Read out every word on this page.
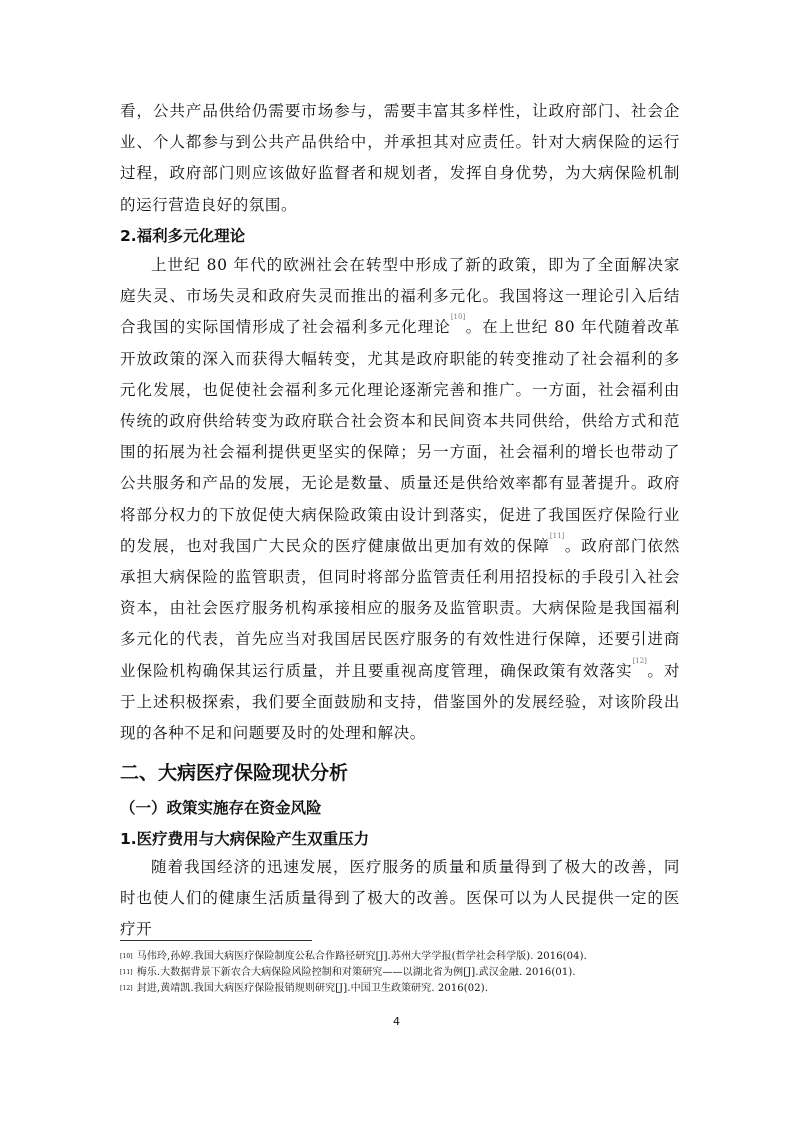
看，公共产品供给仍需要市场参与，需要丰富其多样性，让政府部门、社会企业、个人都参与到公共产品供给中，并承担其对应责任。针对大病保险的运行过程，政府部门则应该做好监督者和规划者，发挥自身优势，为大病保险机制的运行营造良好的氛围。

2.福利多元化理论

上世纪 80 年代的欧洲社会在转型中形成了新的政策，即为了全面解决家庭失灵、市场失灵和政府失灵而推出的福利多元化。我国将这一理论引入后结合我国的实际国情形成了社会福利多元化理论[10]。在上世纪 80 年代随着改革开放政策的深入而获得大幅转变，尤其是政府职能的转变推动了社会福利的多元化发展，也促使社会福利多元化理论逐渐完善和推广。一方面，社会福利由传统的政府供给转变为政府联合社会资本和民间资本共同供给，供给方式和范围的拓展为社会福利提供更坚实的保障；另一方面，社会福利的增长也带动了公共服务和产品的发展，无论是数量、质量还是供给效率都有显著提升。政府将部分权力的下放促使大病保险政策由设计到落实，促进了我国医疗保险行业的发展，也对我国广大民众的医疗健康做出更加有效的保障[11]。政府部门依然承担大病保险的监管职责，但同时将部分监管责任利用招投标的手段引入社会资本，由社会医疗服务机构承接相应的服务及监管职责。大病保险是我国福利多元化的代表，首先应当对我国居民医疗服务的有效性进行保障，还要引进商业保险机构确保其运行质量，并且要重视高度管理，确保政策有效落实[12]。对于上述积极探索，我们要全面鼓励和支持，借鉴国外的发展经验，对该阶段出现的各种不足和问题要及时的处理和解决。

二、大病医疗保险现状分析
（一）政策实施存在资金风险
1.医疗费用与大病保险产生双重压力

随着我国经济的迅速发展，医疗服务的质量和质量得到了极大的改善，同时也使人们的健康生活质量得到了极大的改善。医保可以为人民提供一定的医疗开

[10] 马伟玲,孙婷.我国大病医疗保险制度公私合作路径研究[J].苏州大学学报(哲学社会科学版). 2016(04).

[11] 梅乐.大数据背景下新农合大病保险风险控制和对策研究——以湖北省为例[J].武汉金融. 2016(01).

[12] 封进,黄靖凯.我国大病医疗保险报销规则研究[J].中国卫生政策研究. 2016(02).

4
